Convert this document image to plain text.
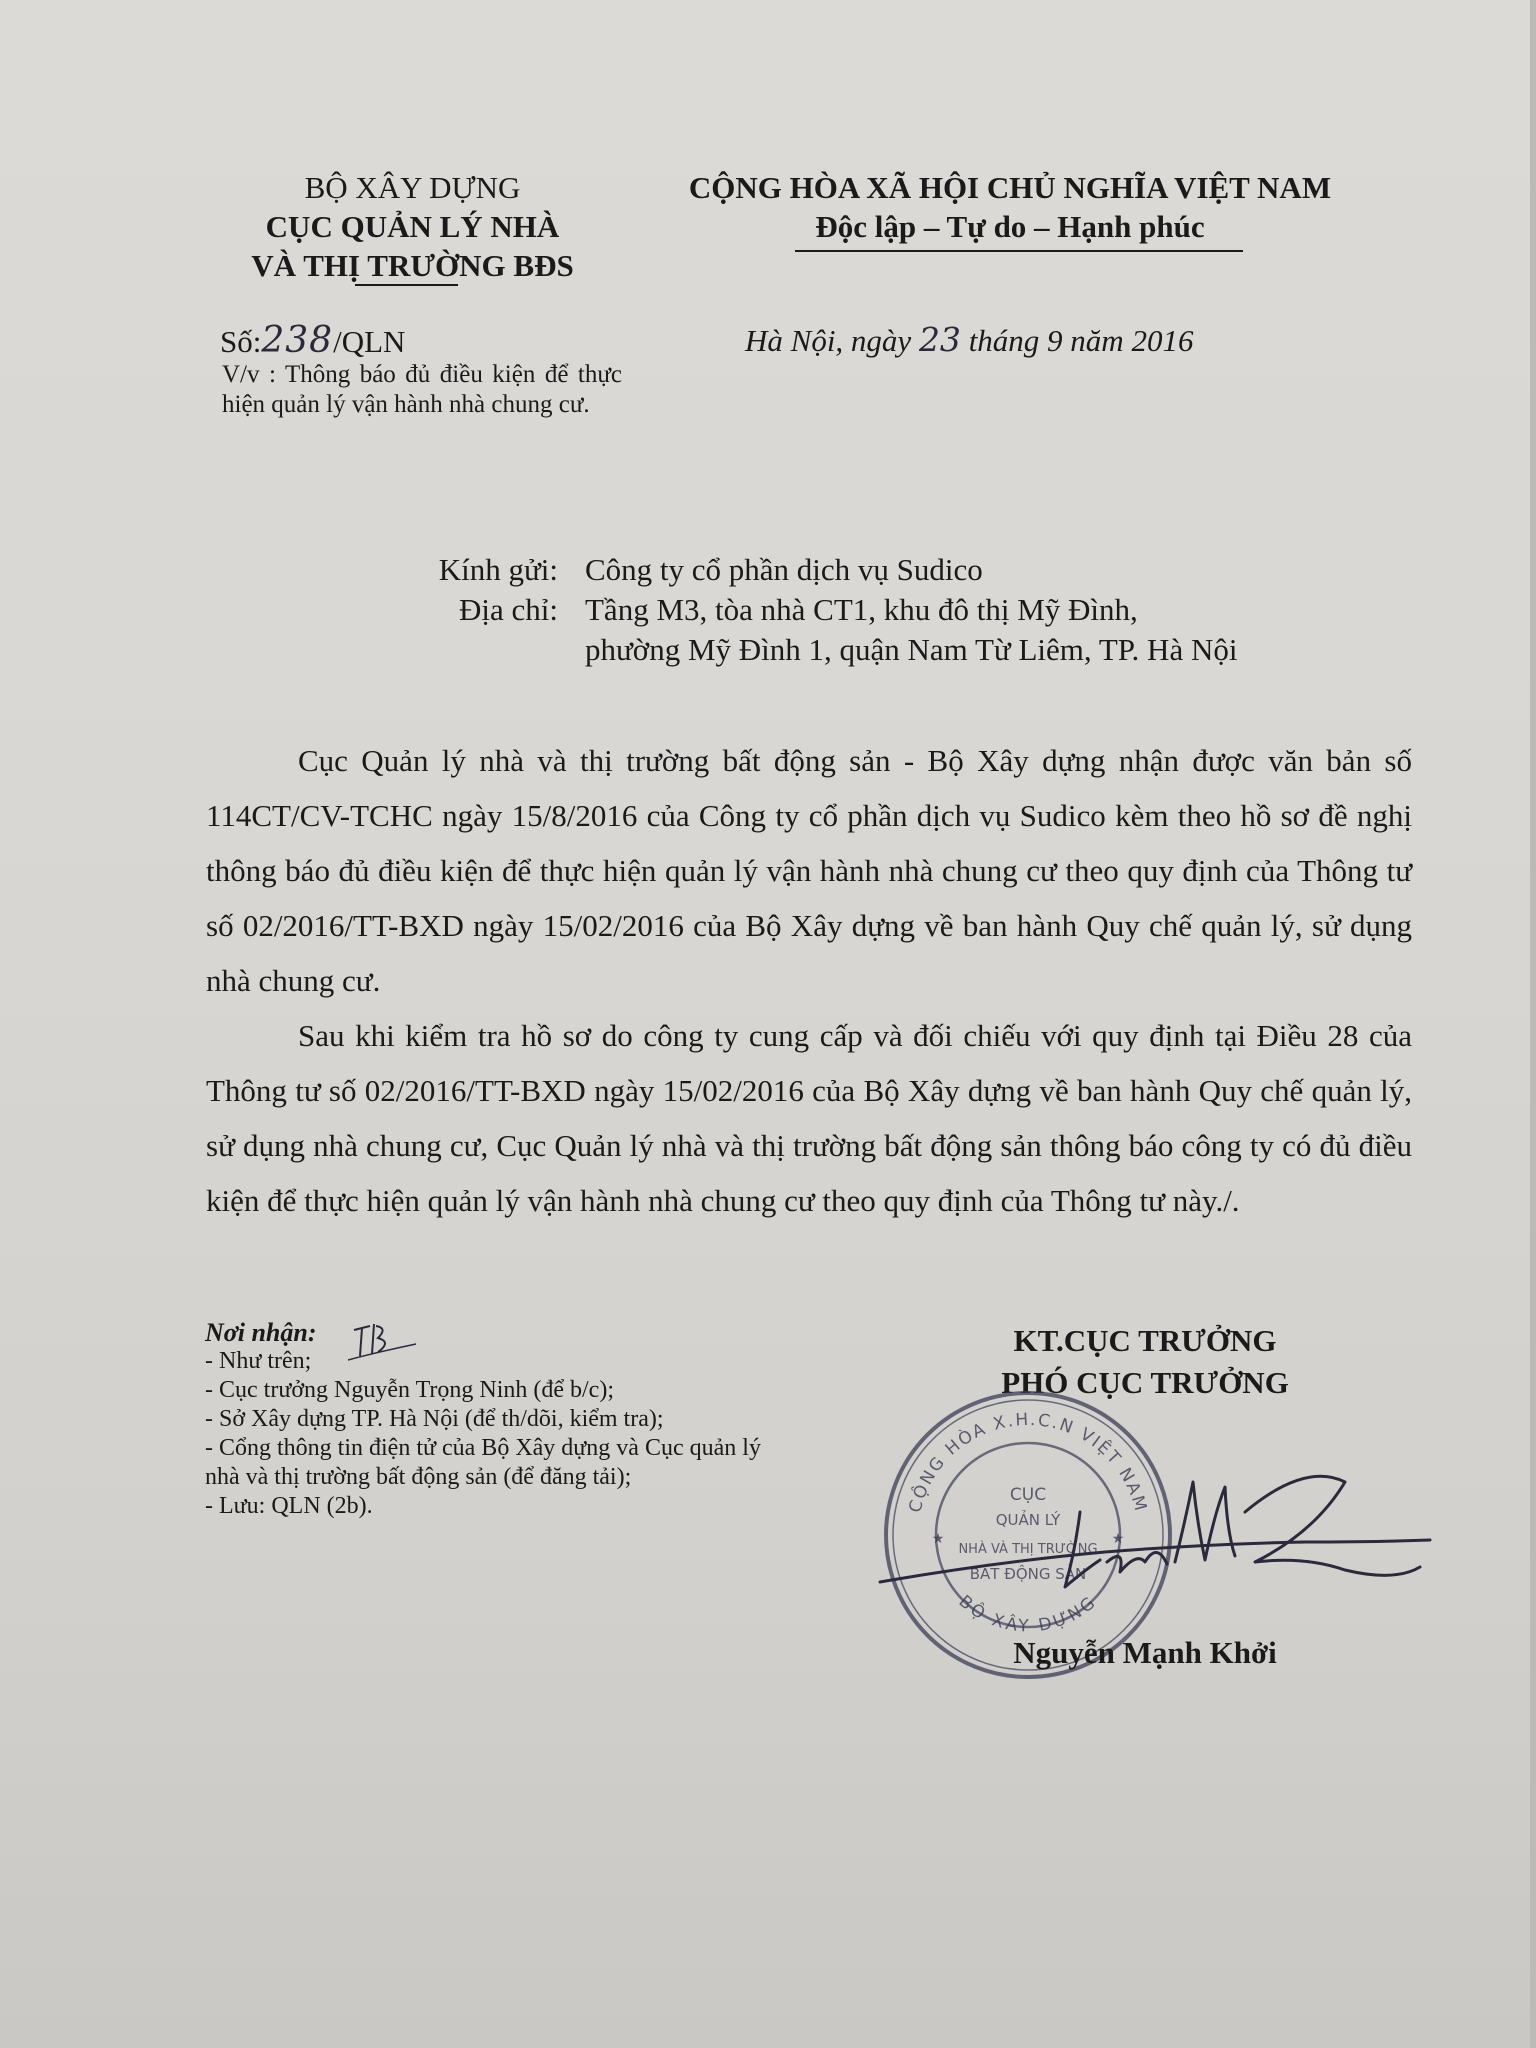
BỘ XÂY DỰNG
CỤC QUẢN LÝ NHÀ
VÀ THỊ TRƯỜNG BĐS
CỘNG HÒA XÃ HỘI CHỦ NGHĨA VIỆT NAM
Độc lập – Tự do – Hạnh phúc
Số:238/QLN
V/v : Thông báo đủ điều kiện để thực hiện quản lý vận hành nhà chung cư.
Hà Nội, ngày 23 tháng 9 năm 2016
Kính gửi:
Địa chỉ:
Công ty cổ phần dịch vụ Sudico
Tầng M3, tòa nhà CT1, khu đô thị Mỹ Đình,
phường Mỹ Đình 1, quận Nam Từ Liêm, TP. Hà Nội
Cục Quản lý nhà và thị trường bất động sản - Bộ Xây dựng nhận được văn bản số 114CT/CV-TCHC ngày 15/8/2016 của Công ty cổ phần dịch vụ Sudico kèm theo hồ sơ đề nghị thông báo đủ điều kiện để thực hiện quản lý vận hành nhà chung cư theo quy định của Thông tư số 02/2016/TT-BXD ngày 15/02/2016 của Bộ Xây dựng về ban hành Quy chế quản lý, sử dụng nhà chung cư.
Sau khi kiểm tra hồ sơ do công ty cung cấp và đối chiếu với quy định tại Điều 28 của Thông tư số 02/2016/TT-BXD ngày 15/02/2016 của Bộ Xây dựng về ban hành Quy chế quản lý, sử dụng nhà chung cư, Cục Quản lý nhà và thị trường bất động sản thông báo công ty có đủ điều kiện để thực hiện quản lý vận hành nhà chung cư theo quy định của Thông tư này./.
Nơi nhận:
- Như trên;
- Cục trưởng Nguyễn Trọng Ninh (để b/c);
- Sở Xây dựng TP. Hà Nội (để th/dõi, kiểm tra);
- Cổng thông tin điện tử của Bộ Xây dựng và Cục quản lý nhà và thị trường bất động sản (để đăng tải);
- Lưu: QLN (2b).
KT.CỤC TRƯỞNG
PHÓ CỤC TRƯỞNG
CỘNG HÒA X.H.C.N VIỆT NAM
BỘ XÂY DỰNG
★	★
CỤC
QUẢN LÝ
NHÀ VÀ THỊ TRƯỜNG
BẤT ĐỘNG SẢN
Nguyễn Mạnh Khởi
